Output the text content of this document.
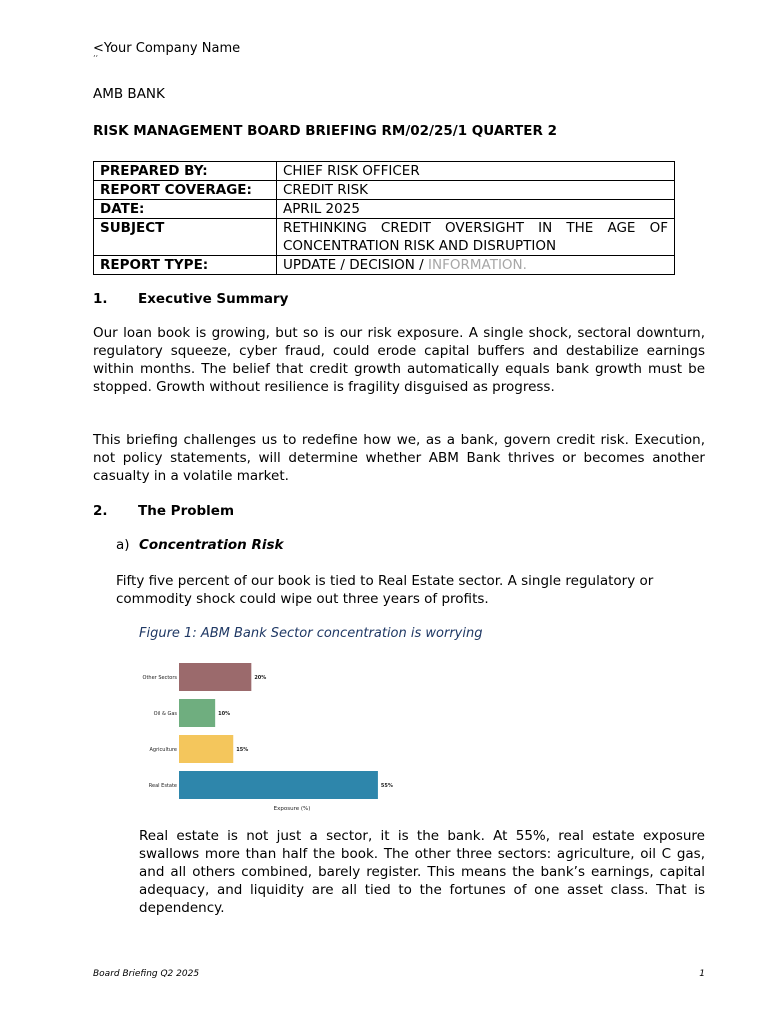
<Your Company Name
ʼʼ
AMB BANK
RISK MANAGEMENT BOARD BRIEFING RM/02/25/1 QUARTER 2
PREPARED BY:	CHIEF RISK OFFICER
REPORT COVERAGE:	CREDIT RISK
DATE:	APRIL 2025
SUBJECT	RETHINKING CREDIT OVERSIGHT IN THE AGE OF CONCENTRATION RISK AND DISRUPTION
REPORT TYPE:	UPDATE / DECISION / INFORMATION.
1. Executive Summary
Our loan book is growing, but so is our risk exposure. A single shock, sectoral downturn, regulatory squeeze, cyber fraud, could erode capital buffers and destabilize earnings within months. The belief that credit growth automatically equals bank growth must be stopped. Growth without resilience is fragility disguised as progress.
This briefing challenges us to redefine how we, as a bank, govern credit risk. Execution, not policy statements, will determine whether ABM Bank thrives or becomes another casualty in a volatile market.
2. The Problem
a) Concentration Risk
Fifty five percent of our book is tied to Real Estate sector. A single regulatory or commodity shock could wipe out three years of profits.
Figure 1: ABM Bank Sector concentration is worrying
Other Sectors	20%
Oil & Gas	10%
Agriculture	15%
Real Estate	55%
Exposure (%)
Real estate is not just a sector, it is the bank. At 55%, real estate exposure swallows more than half the book. The other three sectors: agriculture, oil C gas, and all others combined, barely register. This means the bank’s earnings, capital adequacy, and liquidity are all tied to the fortunes of one asset class. That is dependency.
Board Briefing Q2 2025	1
